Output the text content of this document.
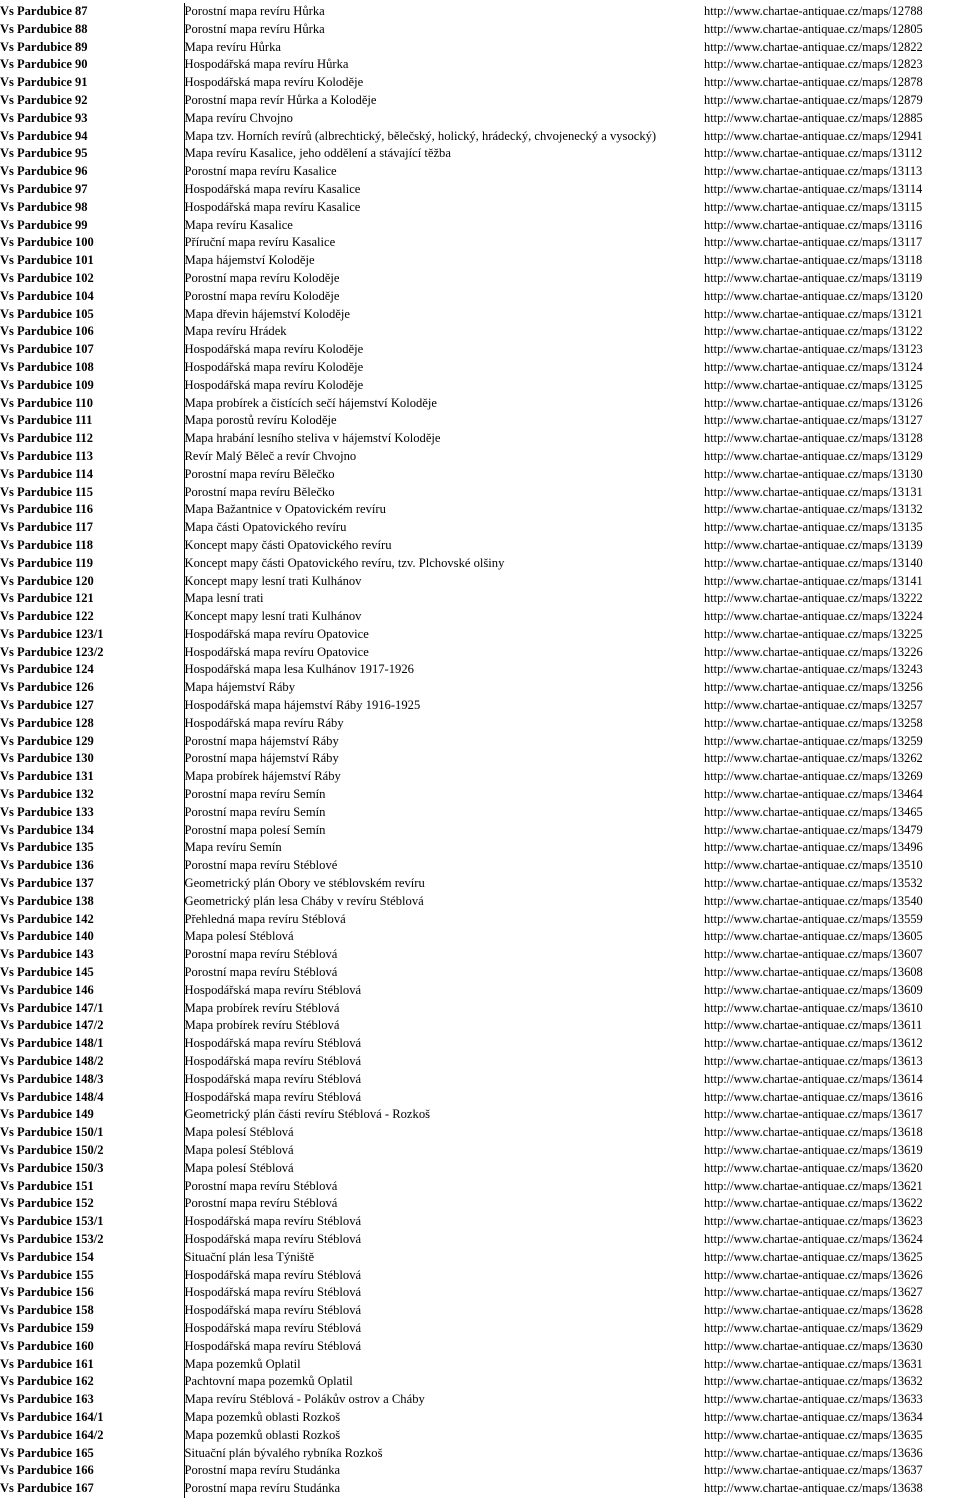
Vs Pardubice 87	Porostní mapa revíru Hůrka	http://www.chartae-antiquae.cz/maps/12788
Vs Pardubice 88	Porostní mapa revíru Hůrka	http://www.chartae-antiquae.cz/maps/12805
Vs Pardubice 89	Mapa revíru Hůrka	http://www.chartae-antiquae.cz/maps/12822
Vs Pardubice 90	Hospodářská mapa revíru Hůrka	http://www.chartae-antiquae.cz/maps/12823
Vs Pardubice 91	Hospodářská mapa revíru Koloděje	http://www.chartae-antiquae.cz/maps/12878
Vs Pardubice 92	Porostní mapa revír Hůrka a Koloděje	http://www.chartae-antiquae.cz/maps/12879
Vs Pardubice 93	Mapa revíru Chvojno	http://www.chartae-antiquae.cz/maps/12885
Vs Pardubice 94	Mapa tzv. Horních revírů (albrechtický, bělečský, holický, hrádecký, chvojenecký a vysocký)	http://www.chartae-antiquae.cz/maps/12941
Vs Pardubice 95	Mapa revíru Kasalice, jeho oddělení a stávající těžba	http://www.chartae-antiquae.cz/maps/13112
Vs Pardubice 96	Porostní mapa revíru Kasalice	http://www.chartae-antiquae.cz/maps/13113
Vs Pardubice 97	Hospodářská mapa revíru Kasalice	http://www.chartae-antiquae.cz/maps/13114
Vs Pardubice 98	Hospodářská mapa revíru Kasalice	http://www.chartae-antiquae.cz/maps/13115
Vs Pardubice 99	Mapa revíru Kasalice	http://www.chartae-antiquae.cz/maps/13116
Vs Pardubice 100	Příruční mapa revíru Kasalice	http://www.chartae-antiquae.cz/maps/13117
Vs Pardubice 101	Mapa hájemství Koloděje	http://www.chartae-antiquae.cz/maps/13118
Vs Pardubice 102	Porostní mapa revíru Koloděje	http://www.chartae-antiquae.cz/maps/13119
Vs Pardubice 104	Porostní mapa revíru Koloděje	http://www.chartae-antiquae.cz/maps/13120
Vs Pardubice 105	Mapa dřevin hájemství Koloděje	http://www.chartae-antiquae.cz/maps/13121
Vs Pardubice 106	Mapa revíru Hrádek	http://www.chartae-antiquae.cz/maps/13122
Vs Pardubice 107	Hospodářská mapa revíru Koloděje	http://www.chartae-antiquae.cz/maps/13123
Vs Pardubice 108	Hospodářská mapa revíru Koloděje	http://www.chartae-antiquae.cz/maps/13124
Vs Pardubice 109	Hospodářská mapa revíru Koloděje	http://www.chartae-antiquae.cz/maps/13125
Vs Pardubice 110	Mapa probírek a čistících sečí hájemství Koloděje	http://www.chartae-antiquae.cz/maps/13126
Vs Pardubice 111	Mapa porostů revíru Koloděje	http://www.chartae-antiquae.cz/maps/13127
Vs Pardubice 112	Mapa hrabání lesního steliva v hájemství Koloděje	http://www.chartae-antiquae.cz/maps/13128
Vs Pardubice 113	Revír Malý Běleč a revír Chvojno	http://www.chartae-antiquae.cz/maps/13129
Vs Pardubice 114	Porostní mapa revíru Bělečko	http://www.chartae-antiquae.cz/maps/13130
Vs Pardubice 115	Porostní mapa revíru Bělečko	http://www.chartae-antiquae.cz/maps/13131
Vs Pardubice 116	Mapa Bažantnice v Opatovickém revíru	http://www.chartae-antiquae.cz/maps/13132
Vs Pardubice 117	Mapa části Opatovického revíru	http://www.chartae-antiquae.cz/maps/13135
Vs Pardubice 118	Koncept mapy části Opatovického revíru	http://www.chartae-antiquae.cz/maps/13139
Vs Pardubice 119	Koncept mapy části Opatovického revíru, tzv. Plchovské olšiny	http://www.chartae-antiquae.cz/maps/13140
Vs Pardubice 120	Koncept mapy lesní trati Kulhánov	http://www.chartae-antiquae.cz/maps/13141
Vs Pardubice 121	Mapa lesní trati	http://www.chartae-antiquae.cz/maps/13222
Vs Pardubice 122	Koncept mapy lesní trati Kulhánov	http://www.chartae-antiquae.cz/maps/13224
Vs Pardubice 123/1	Hospodářská mapa revíru Opatovice	http://www.chartae-antiquae.cz/maps/13225
Vs Pardubice 123/2	Hospodářská mapa revíru Opatovice	http://www.chartae-antiquae.cz/maps/13226
Vs Pardubice 124	Hospodářská mapa lesa Kulhánov 1917-1926	http://www.chartae-antiquae.cz/maps/13243
Vs Pardubice 126	Mapa hájemství Ráby	http://www.chartae-antiquae.cz/maps/13256
Vs Pardubice 127	Hospodářská mapa hájemství Ráby 1916-1925	http://www.chartae-antiquae.cz/maps/13257
Vs Pardubice 128	Hospodářská mapa revíru Ráby	http://www.chartae-antiquae.cz/maps/13258
Vs Pardubice 129	Porostní mapa hájemství Ráby	http://www.chartae-antiquae.cz/maps/13259
Vs Pardubice 130	Porostní mapa hájemství Ráby	http://www.chartae-antiquae.cz/maps/13262
Vs Pardubice 131	Mapa probírek hájemství Ráby	http://www.chartae-antiquae.cz/maps/13269
Vs Pardubice 132	Porostní mapa revíru Semín	http://www.chartae-antiquae.cz/maps/13464
Vs Pardubice 133	Porostní mapa revíru Semín	http://www.chartae-antiquae.cz/maps/13465
Vs Pardubice 134	Porostní mapa polesí Semín	http://www.chartae-antiquae.cz/maps/13479
Vs Pardubice 135	Mapa revíru Semín	http://www.chartae-antiquae.cz/maps/13496
Vs Pardubice 136	Porostní mapa revíru Stéblové	http://www.chartae-antiquae.cz/maps/13510
Vs Pardubice 137	Geometrický plán Obory ve stéblovském revíru	http://www.chartae-antiquae.cz/maps/13532
Vs Pardubice 138	Geometrický plán lesa Cháby v revíru Stéblová	http://www.chartae-antiquae.cz/maps/13540
Vs Pardubice 142	Přehledná mapa revíru Stéblová	http://www.chartae-antiquae.cz/maps/13559
Vs Pardubice 140	Mapa polesí Stéblová	http://www.chartae-antiquae.cz/maps/13605
Vs Pardubice 143	Porostní mapa revíru Stéblová	http://www.chartae-antiquae.cz/maps/13607
Vs Pardubice 145	Porostní mapa revíru Stéblová	http://www.chartae-antiquae.cz/maps/13608
Vs Pardubice 146	Hospodářská mapa revíru Stéblová	http://www.chartae-antiquae.cz/maps/13609
Vs Pardubice 147/1	Mapa probírek revíru Stéblová	http://www.chartae-antiquae.cz/maps/13610
Vs Pardubice 147/2	Mapa probírek revíru Stéblová	http://www.chartae-antiquae.cz/maps/13611
Vs Pardubice 148/1	Hospodářská mapa revíru Stéblová	http://www.chartae-antiquae.cz/maps/13612
Vs Pardubice 148/2	Hospodářská mapa revíru Stéblová	http://www.chartae-antiquae.cz/maps/13613
Vs Pardubice 148/3	Hospodářská mapa revíru Stéblová	http://www.chartae-antiquae.cz/maps/13614
Vs Pardubice 148/4	Hospodářská mapa revíru Stéblová	http://www.chartae-antiquae.cz/maps/13616
Vs Pardubice 149	Geometrický plán části revíru Stéblová - Rozkoš	http://www.chartae-antiquae.cz/maps/13617
Vs Pardubice 150/1	Mapa polesí Stéblová	http://www.chartae-antiquae.cz/maps/13618
Vs Pardubice 150/2	Mapa polesí Stéblová	http://www.chartae-antiquae.cz/maps/13619
Vs Pardubice 150/3	Mapa polesí Stéblová	http://www.chartae-antiquae.cz/maps/13620
Vs Pardubice 151	Porostní mapa revíru Stéblová	http://www.chartae-antiquae.cz/maps/13621
Vs Pardubice 152	Porostní mapa revíru Stéblová	http://www.chartae-antiquae.cz/maps/13622
Vs Pardubice 153/1	Hospodářská mapa revíru Stéblová	http://www.chartae-antiquae.cz/maps/13623
Vs Pardubice 153/2	Hospodářská mapa revíru Stéblová	http://www.chartae-antiquae.cz/maps/13624
Vs Pardubice 154	Situační plán lesa Týniště	http://www.chartae-antiquae.cz/maps/13625
Vs Pardubice 155	Hospodářská mapa revíru Stéblová	http://www.chartae-antiquae.cz/maps/13626
Vs Pardubice 156	Hospodářská mapa revíru Stéblová	http://www.chartae-antiquae.cz/maps/13627
Vs Pardubice 158	Hospodářská mapa revíru Stéblová	http://www.chartae-antiquae.cz/maps/13628
Vs Pardubice 159	Hospodářská mapa revíru Stéblová	http://www.chartae-antiquae.cz/maps/13629
Vs Pardubice 160	Hospodářská mapa revíru Stéblová	http://www.chartae-antiquae.cz/maps/13630
Vs Pardubice 161	Mapa pozemků Oplatil	http://www.chartae-antiquae.cz/maps/13631
Vs Pardubice 162	Pachtovní mapa pozemků Oplatil	http://www.chartae-antiquae.cz/maps/13632
Vs Pardubice 163	Mapa revíru Stéblová - Polákův ostrov a Cháby	http://www.chartae-antiquae.cz/maps/13633
Vs Pardubice 164/1	Mapa pozemků oblasti Rozkoš	http://www.chartae-antiquae.cz/maps/13634
Vs Pardubice 164/2	Mapa pozemků oblasti Rozkoš	http://www.chartae-antiquae.cz/maps/13635
Vs Pardubice 165	Situační plán bývalého rybníka Rozkoš	http://www.chartae-antiquae.cz/maps/13636
Vs Pardubice 166	Porostní mapa revíru Studánka	http://www.chartae-antiquae.cz/maps/13637
Vs Pardubice 167	Porostní mapa revíru Studánka	http://www.chartae-antiquae.cz/maps/13638
